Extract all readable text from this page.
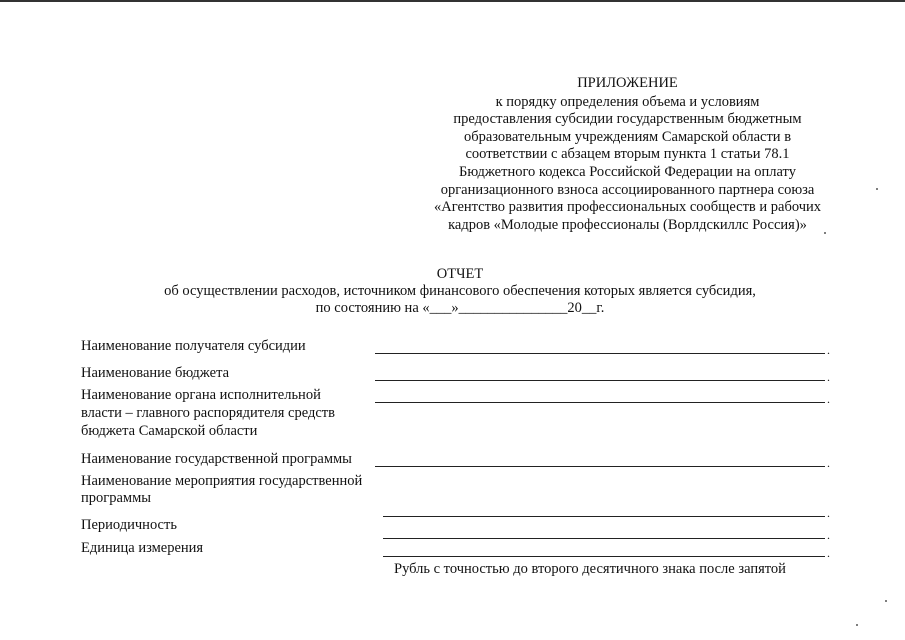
ПРИЛОЖЕНИЕ
к порядку определения объема и условиям
предоставления субсидии государственным бюджетным
образовательным учреждениям Самарской области в
соответствии с абзацем вторым пункта 1 статьи 78.1
Бюджетного кодекса Российской Федерации на оплату
организационного взноса ассоциированного партнера союза
«Агентство развития профессиональных сообществ и рабочих
кадров «Молодые профессионалы (Ворлдскиллс Россия)»
ОТЧЕТ
об осуществлении расходов, источником финансового обеспечения которых является субсидия,
по состоянию на «___»_______________20__г.
Наименование получателя субсидии	.
Наименование бюджета	.
Наименование органа исполнительной
власти – главного распорядителя средств
бюджета Самарской области
.
Наименование государственной программы	.
Наименование мероприятия государственной
программы
.
Периодичность
.
Единица измерения	.
Рубль с точностью до второго десятичного знака после запятой
